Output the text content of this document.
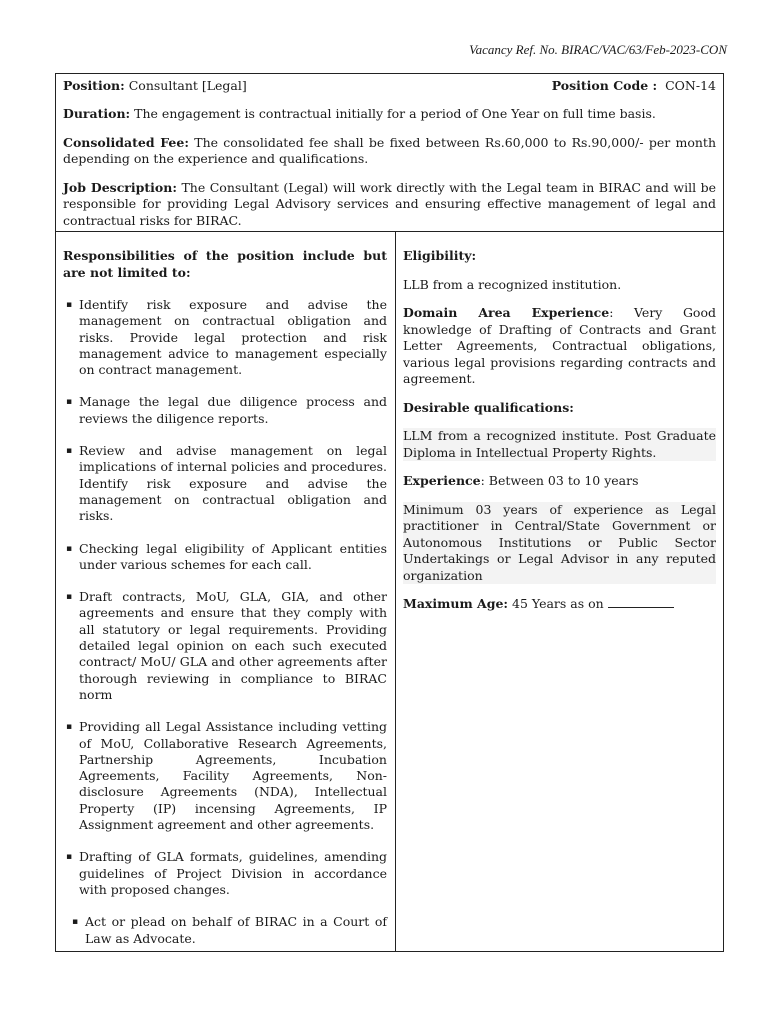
Vacancy Ref. No. BIRAC/VAC/63/Feb-2023-CON
Position: Consultant [Legal]	Position Code : CON-14

Duration: The engagement is contractual initially for a period of One Year on full time basis.

Consolidated Fee: The consolidated fee shall be fixed between Rs.60,000 to Rs.90,000/- per month depending on the experience and qualifications.

Job Description: The Consultant (Legal) will work directly with the Legal team in BIRAC and will be responsible for providing Legal Advisory services and ensuring effective management of legal and contractual risks for BIRAC.

Responsibilities of the position include but are not limited to:

▪ Identify risk exposure and advise the management on contractual obligation and risks. Provide legal protection and risk management advice to management especially on contract management.
▪ Manage the legal due diligence process and reviews the diligence reports.
▪ Review and advise management on legal implications of internal policies and procedures. Identify risk exposure and advise the management on contractual obligation and risks.
▪ Checking legal eligibility of Applicant entities under various schemes for each call.
▪ Draft contracts, MoU, GLA, GIA, and other agreements and ensure that they comply with all statutory or legal requirements. Providing detailed legal opinion on each such executed contract/ MoU/ GLA and other agreements after thorough reviewing in compliance to BIRAC norm
▪ Providing all Legal Assistance including vetting of MoU, Collaborative Research Agreements, Partnership Agreements, Incubation Agreements, Facility Agreements, Non-disclosure Agreements (NDA), Intellectual Property (IP) incensing Agreements, IP Assignment agreement and other agreements.
▪ Drafting of GLA formats, guidelines, amending guidelines of Project Division in accordance with proposed changes.
▪ Act or plead on behalf of BIRAC in a Court of Law as Advocate.

Eligibility:

LLB from a recognized institution.

Domain Area Experience: Very Good knowledge of Drafting of Contracts and Grant Letter Agreements, Contractual obligations, various legal provisions regarding contracts and agreement.

Desirable qualifications:

LLM from a recognized institute. Post Graduate Diploma in Intellectual Property Rights.

Experience: Between 03 to 10 years

Minimum 03 years of experience as Legal practitioner in Central/State Government or Autonomous Institutions or Public Sector Undertakings or Legal Advisor in any reputed organization

Maximum Age: 45 Years as on
